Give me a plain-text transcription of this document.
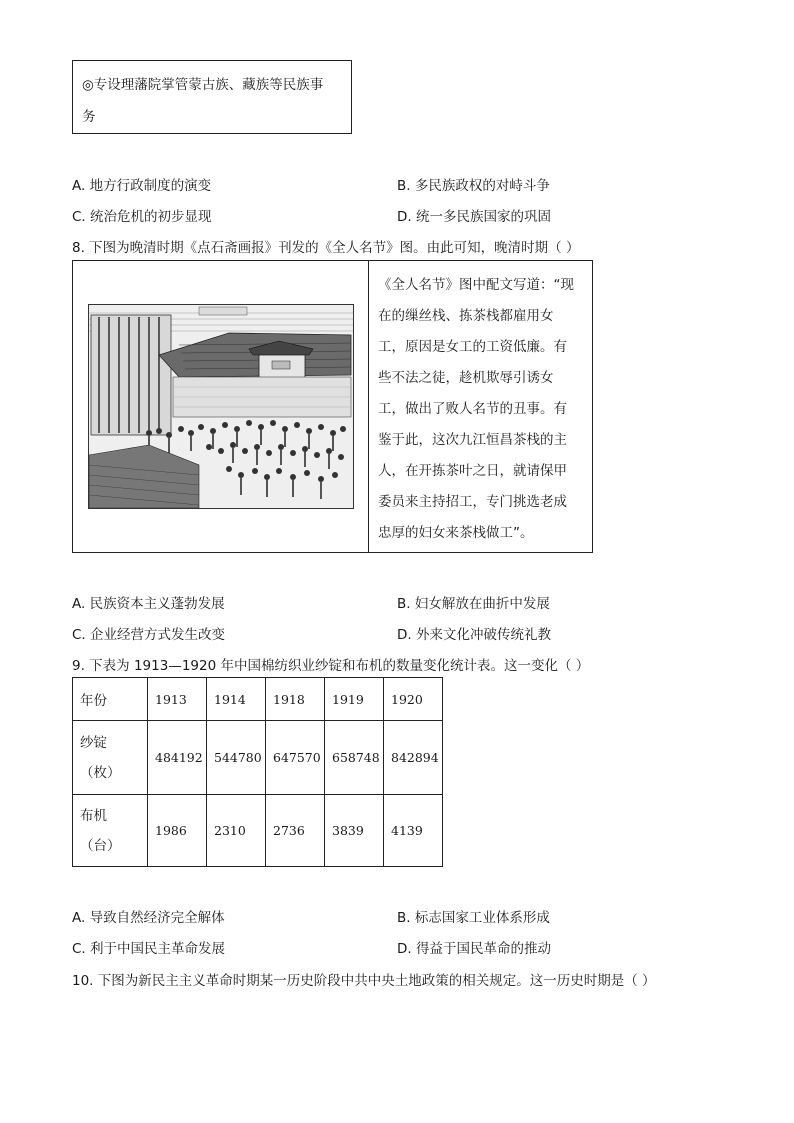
◎专设理藩院掌管蒙古族、藏族等民族事
务
A. 地方行政制度的演变	B. 多民族政权的对峙斗争
C. 统治危机的初步显现	D. 统一多民族国家的巩固
8. 下图为晚清时期《点石斋画报》刊发的《全人名节》图。由此可知，晚清时期（ ）
《全人名节》图中配文写道：“现
在的缫丝栈、拣茶栈都雇用女
工，原因是女工的工资低廉。有
些不法之徒，趁机欺辱引诱女
工，做出了败人名节的丑事。有
鉴于此，这次九江恒昌茶栈的主
人，在开拣茶叶之日，就请保甲
委员来主持招工，专门挑选老成
忠厚的妇女来茶栈做工”。
A. 民族资本主义蓬勃发展	B. 妇女解放在曲折中发展
C. 企业经营方式发生改变	D. 外来文化冲破传统礼教
9. 下表为 1913—1920 年中国棉纺织业纱锭和布机的数量变化统计表。这一变化（ ）
年份	1913	1914	1918	1919	1920

纱锭
（枚）	484192	544780	647570	658748	842894

布机
（台）	1986	2310	2736	3839	4139
A. 导致自然经济完全解体	B. 标志国家工业体系形成
C. 利于中国民主革命发展	D. 得益于国民革命的推动
10. 下图为新民主主义革命时期某一历史阶段中共中央土地政策的相关规定。这一历史时期是（ ）
